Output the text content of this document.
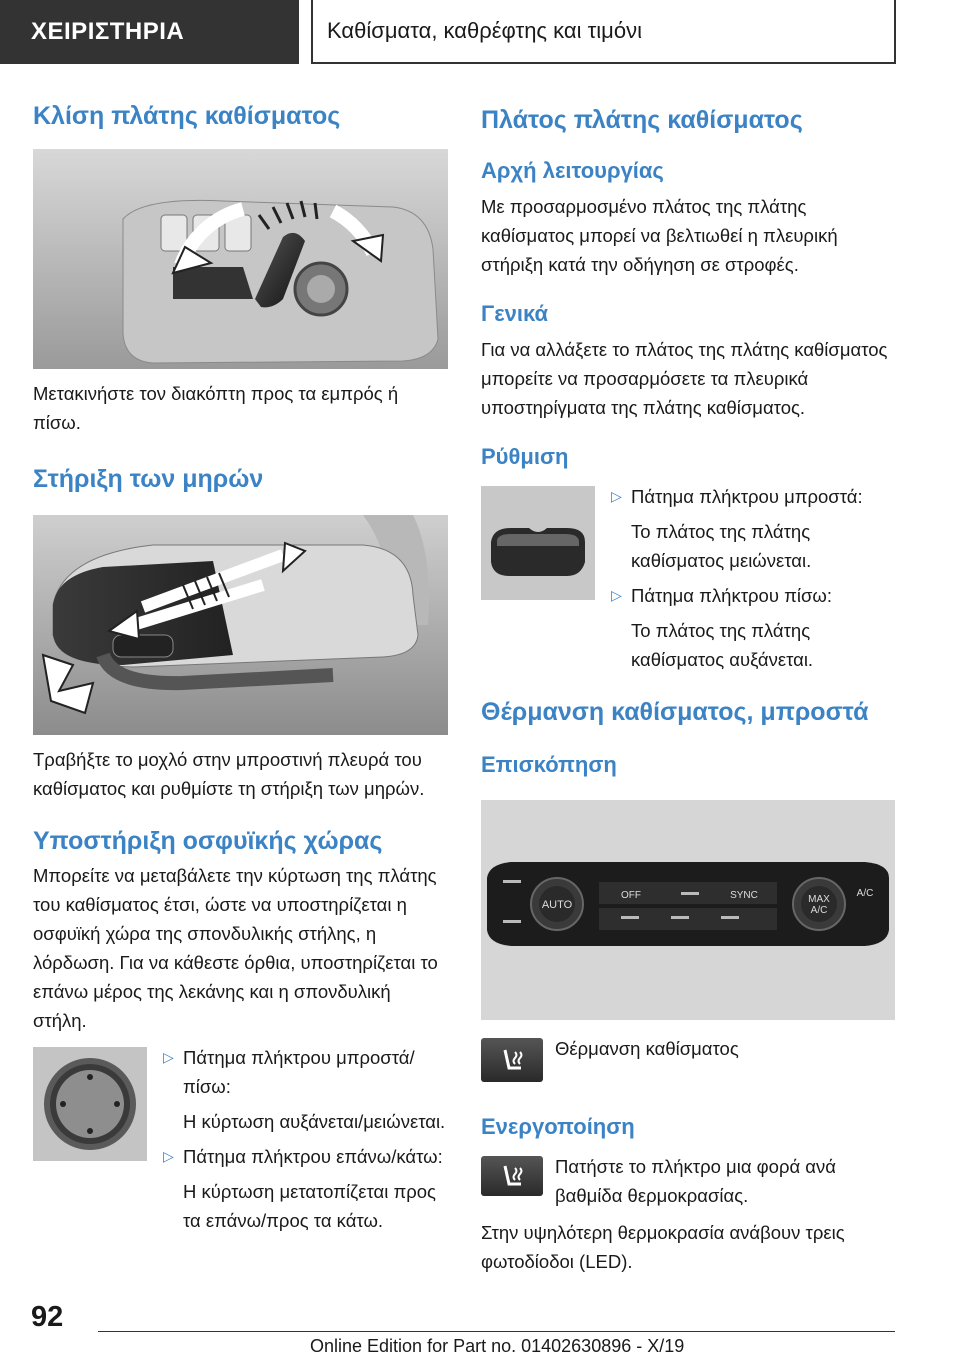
ΧΕΙΡΙΣΤΗΡΙΑ	Καθίσματα, καθρέφτης και τιμόνι
Κλίση πλάτης καθίσματος
Μετακινήστε τον διακόπτη προς τα εμπρός ή πίσω.
Στήριξη των μηρών
Τραβήξτε το μοχλό στην μπροστινή πλευρά του καθίσματος και ρυθμίστε τη στήριξη των μηρών.
Υποστήριξη οσφυϊκής χώρας
Μπορείτε να μεταβάλετε την κύρτωση της πλάτης του καθίσματος έτσι, ώστε να υποστηρίζεται η οσφυϊκή χώρα της σπονδυλικής στήλης, η λόρδωση. Για να κάθεστε όρθια, υποστηρίζεται το επάνω μέρος της λεκάνης και η σπονδυλική στήλη.
▷ Πάτημα πλήκτρου μπροστά/πίσω:
Η κύρτωση αυξάνεται/μειώνεται.
▷ Πάτημα πλήκτρου επάνω/κάτω:
Η κύρτωση μετατοπίζεται προς τα επάνω/προς τα κάτω.
Πλάτος πλάτης καθίσματος
Αρχή λειτουργίας
Με προσαρμοσμένο πλάτος της πλάτης καθίσματος μπορεί να βελτιωθεί η πλευρική στήριξη κατά την οδήγηση σε στροφές.
Γενικά
Για να αλλάξετε το πλάτος της πλάτης καθίσματος μπορείτε να προσαρμόσετε τα πλευρικά υποστηρίγματα της πλάτης καθίσματος.
Ρύθμιση
▷ Πάτημα πλήκτρου μπροστά:
Το πλάτος της πλάτης καθίσματος μειώνεται.
▷ Πάτημα πλήκτρου πίσω:
Το πλάτος της πλάτης καθίσματος αυξάνεται.
Θέρμανση καθίσματος, μπροστά
Επισκόπηση
AUTO	MAX
A/C
OFF	SYNC	A/C
Θέρμανση καθίσματος
Ενεργοποίηση
Πατήστε το πλήκτρο μια φορά ανά βαθμίδα θερμοκρασίας.
Στην υψηλότερη θερμοκρασία ανάβουν τρεις φωτοδίοδοι (LED).
92
Online Edition for Part no. 01402630896 - X/19
